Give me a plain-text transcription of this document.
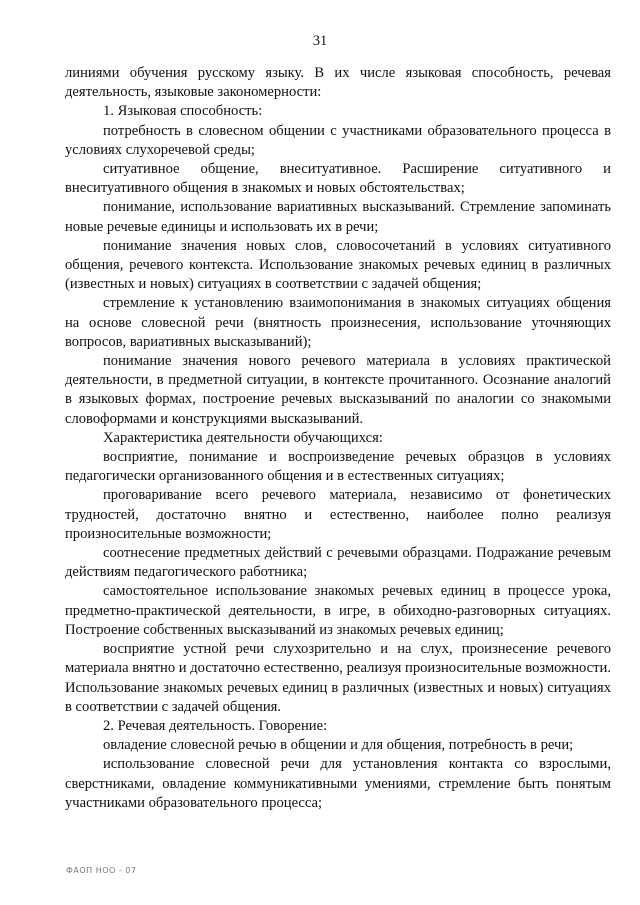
31

линиями обучения русскому языку. В их числе языковая способность, речевая деятельность, языковые закономерности:

1. Языковая способность:

потребность в словесном общении с участниками образовательного процесса в условиях слухоречевой среды;

ситуативное общение, внеситуативное. Расширение ситуативного и внеситуативного общения в знакомых и новых обстоятельствах;

понимание, использование вариативных высказываний. Стремление запоминать новые речевые единицы и использовать их в речи;

понимание значения новых слов, словосочетаний в условиях ситуативного общения, речевого контекста. Использование знакомых речевых единиц в различных (известных и новых) ситуациях в соответствии с задачей общения;

стремление к установлению взаимопонимания в знакомых ситуациях общения на основе словесной речи (внятность произнесения, использование уточняющих вопросов, вариативных высказываний);

понимание значения нового речевого материала в условиях практической деятельности, в предметной ситуации, в контексте прочитанного. Осознание аналогий в языковых формах, построение речевых высказываний по аналогии со знакомыми словоформами и конструкциями высказываний.

Характеристика деятельности обучающихся:

восприятие, понимание и воспроизведение речевых образцов в условиях педагогически организованного общения и в естественных ситуациях;

проговаривание всего речевого материала, независимо от фонетических трудностей, достаточно внятно и естественно, наиболее полно реализуя произносительные возможности;

соотнесение предметных действий с речевыми образцами. Подражание речевым действиям педагогического работника;

самостоятельное использование знакомых речевых единиц в процессе урока, предметно-практической деятельности, в игре, в обиходно-разговорных ситуациях. Построение собственных высказываний из знакомых речевых единиц;

восприятие устной речи слухозрительно и на слух, произнесение речевого материала внятно и достаточно естественно, реализуя произносительные возможности. Использование знакомых речевых единиц в различных (известных и новых) ситуациях в соответствии с задачей общения.

2. Речевая деятельность. Говорение:

овладение словесной речью в общении и для общения, потребность в речи;

использование словесной речи для установления контакта со взрослыми, сверстниками, овладение коммуникативными умениями, стремление быть понятым участниками образовательного процесса;

ФАОП НОО - 07
